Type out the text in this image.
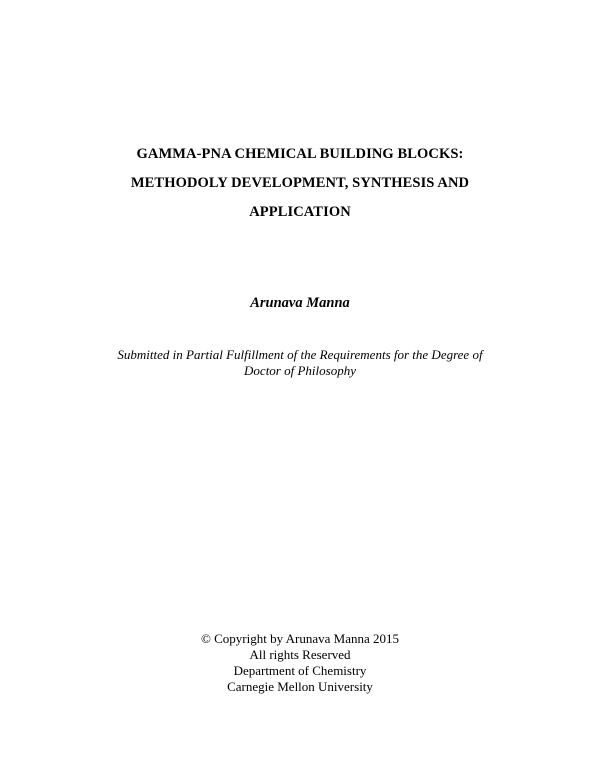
GAMMA-PNA CHEMICAL BUILDING BLOCKS:
METHODOLY DEVELOPMENT, SYNTHESIS AND
APPLICATION
Arunava Manna
Submitted in Partial Fulfillment of the Requirements for the Degree of
Doctor of Philosophy
© Copyright by Arunava Manna 2015
All rights Reserved
Department of Chemistry
Carnegie Mellon University
